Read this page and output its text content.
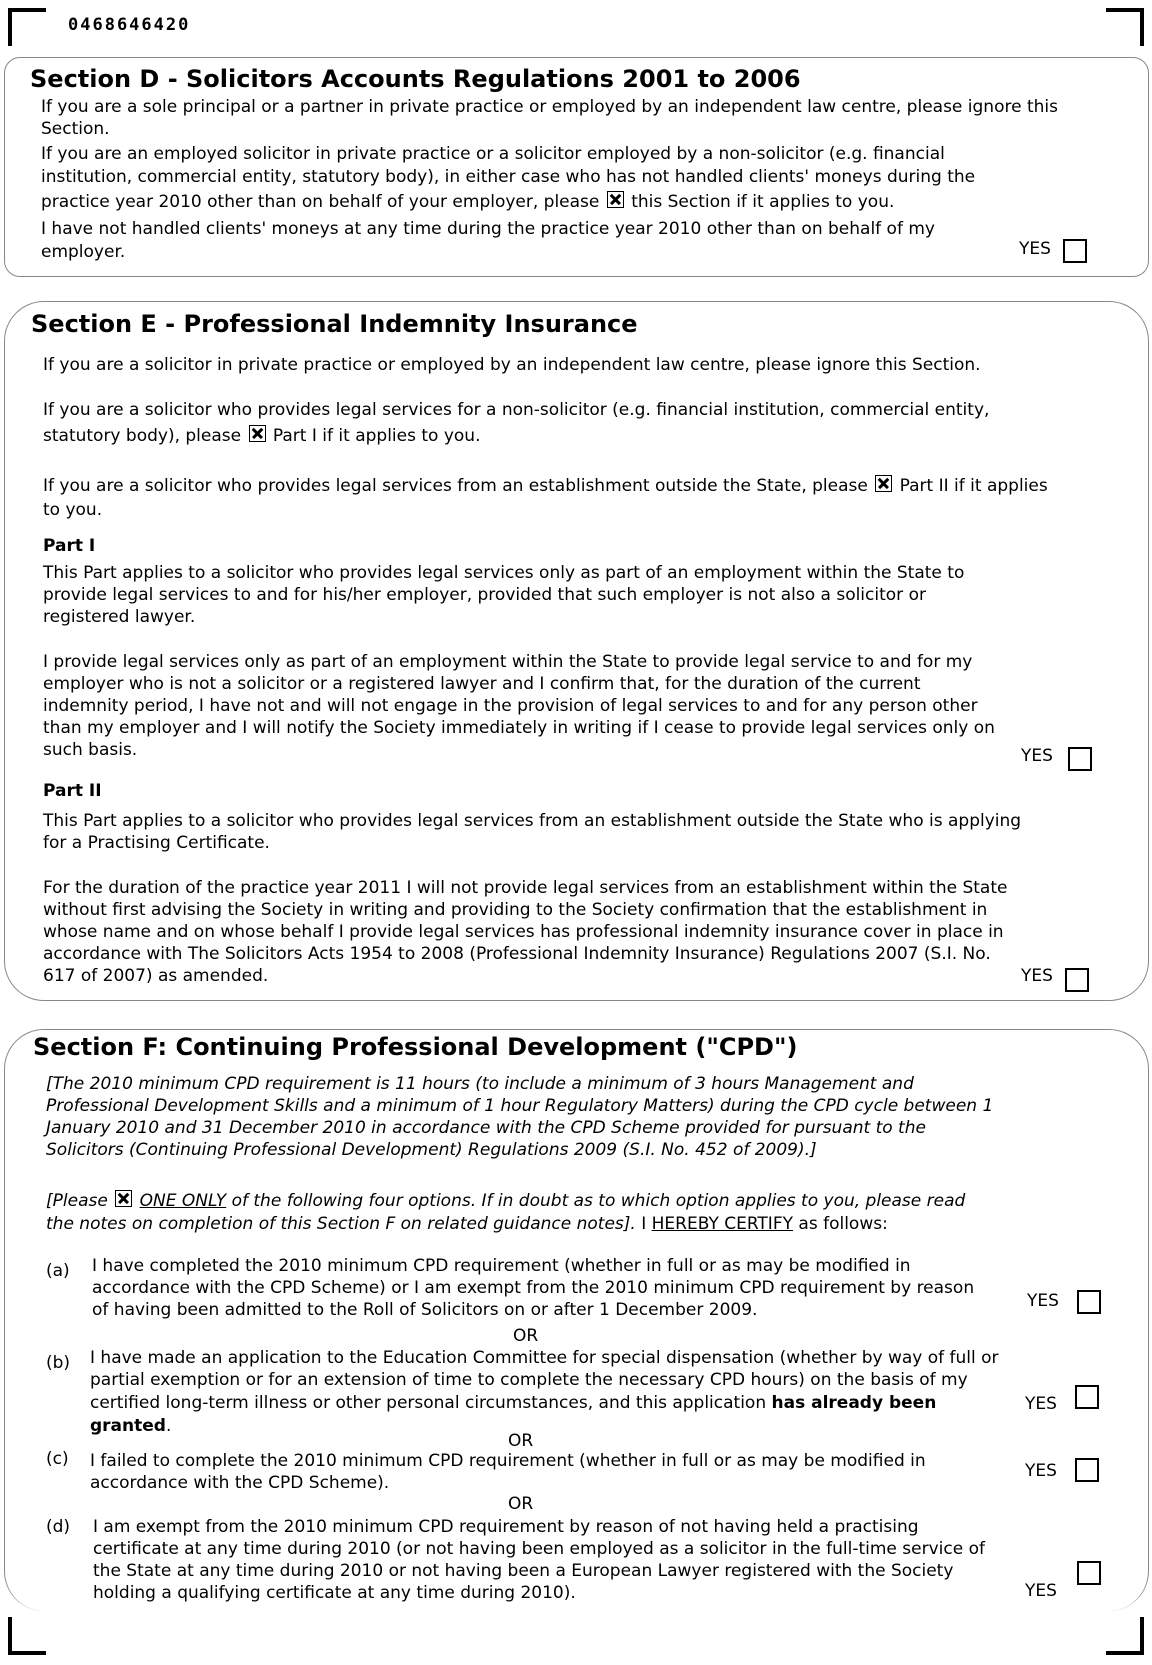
0468646420
Section D - Solicitors Accounts Regulations 2001 to 2006
If you are a sole principal or a partner in private practice or employed by an independent law centre, please ignore this
Section.
If you are an employed solicitor in private practice or a solicitor employed by a non-solicitor (e.g. financial
institution, commercial entity, statutory body), in either case who has not handled clients' moneys during the
practice year 2010 other than on behalf of your employer, please this Section if it applies to you.
I have not handled clients' moneys at any time during the practice year 2010 other than on behalf of my
employer.	YES
Section E - Professional Indemnity Insurance
If you are a solicitor in private practice or employed by an independent law centre, please ignore this Section.
If you are a solicitor who provides legal services for a non-solicitor (e.g. financial institution, commercial entity,
statutory body), please Part I if it applies to you.
If you are a solicitor who provides legal services from an establishment outside the State, please Part II if it applies
to you.
Part I
This Part applies to a solicitor who provides legal services only as part of an employment within the State to
provide legal services to and for his/her employer, provided that such employer is not also a solicitor or
registered lawyer.
I provide legal services only as part of an employment within the State to provide legal service to and for my
employer who is not a solicitor or a registered lawyer and I confirm that, for the duration of the current
indemnity period, I have not and will not engage in the provision of legal services to and for any person other
than my employer and I will notify the Society immediately in writing if I cease to provide legal services only on
such basis.	YES
Part II
This Part applies to a solicitor who provides legal services from an establishment outside the State who is applying
for a Practising Certificate.
For the duration of the practice year 2011 I will not provide legal services from an establishment within the State
without first advising the Society in writing and providing to the Society confirmation that the establishment in
whose name and on whose behalf I provide legal services has professional indemnity insurance cover in place in
accordance with The Solicitors Acts 1954 to 2008 (Professional Indemnity Insurance) Regulations 2007 (S.I. No.
617 of 2007) as amended.	YES
Section F: Continuing Professional Development ("CPD")
[The 2010 minimum CPD requirement is 11 hours (to include a minimum of 3 hours Management and
Professional Development Skills and a minimum of 1 hour Regulatory Matters) during the CPD cycle between 1
January 2010 and 31 December 2010 in accordance with the CPD Scheme provided for pursuant to the
Solicitors (Continuing Professional Development) Regulations 2009 (S.I. No. 452 of 2009).]
[Please ONE ONLY of the following four options. If in doubt as to which option applies to you, please read
the notes on completion of this Section F on related guidance notes]. I HEREBY CERTIFY as follows:
(a) I have completed the 2010 minimum CPD requirement (whether in full or as may be modified in
accordance with the CPD Scheme) or I am exempt from the 2010 minimum CPD requirement by reason
of having been admitted to the Roll of Solicitors on or after 1 December 2009.	YES
OR
(b) I have made an application to the Education Committee for special dispensation (whether by way of full or
partial exemption or for an extension of time to complete the necessary CPD hours) on the basis of my
certified long-term illness or other personal circumstances, and this application has already been
granted.
YES
OR
(c) I failed to complete the 2010 minimum CPD requirement (whether in full or as may be modified in
accordance with the CPD Scheme).
YES
OR
(d) I am exempt from the 2010 minimum CPD requirement by reason of not having held a practising
certificate at any time during 2010 (or not having been employed as a solicitor in the full-time service of
the State at any time during 2010 or not having been a European Lawyer registered with the Society
holding a qualifying certificate at any time during 2010).	YES
